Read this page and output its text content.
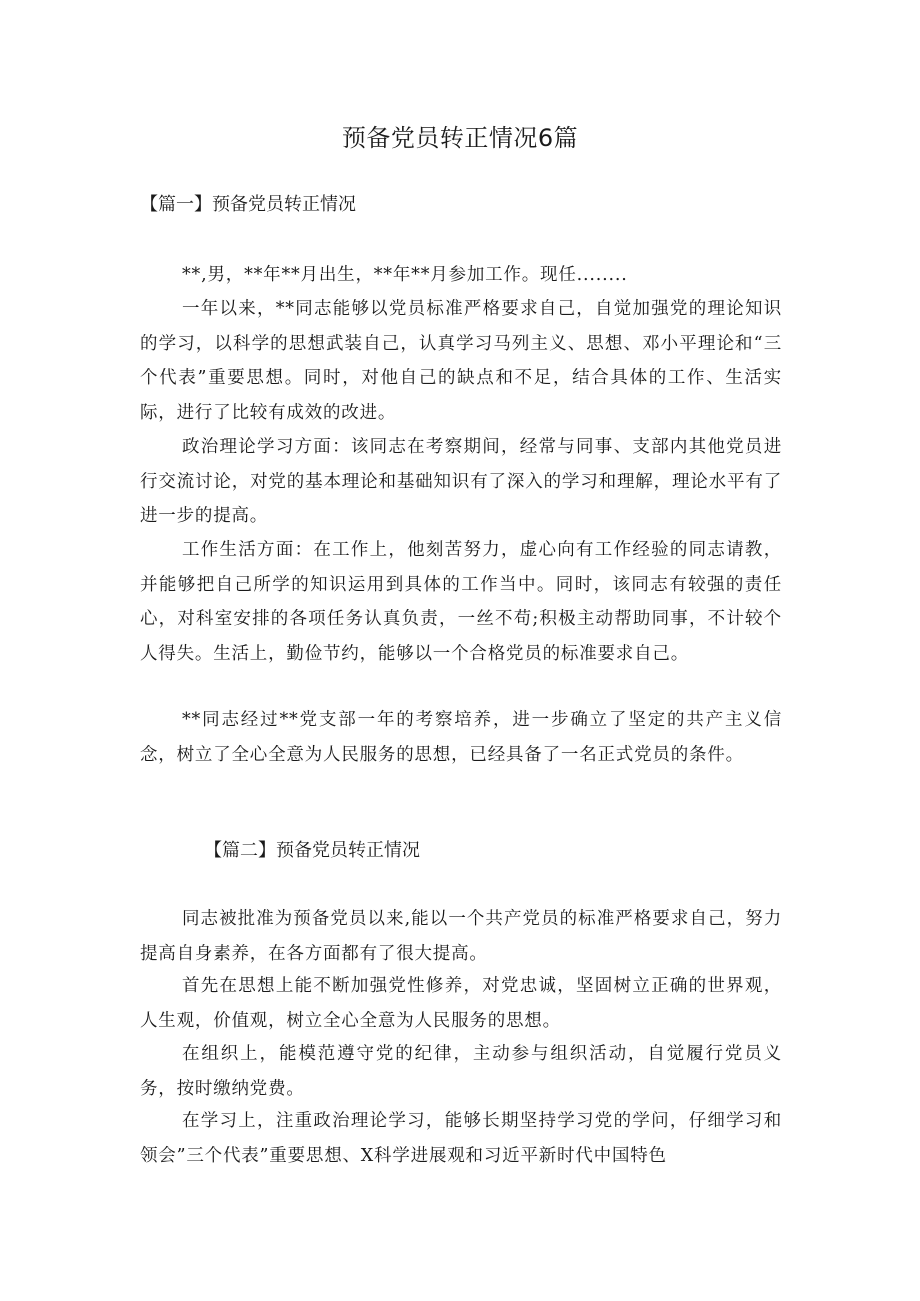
预备党员转正情况6篇
【篇一】预备党员转正情况

**,男，**年**月出生，**年**月参加工作。现任........

一年以来，**同志能够以党员标准严格要求自己，自觉加强党的理论知识的学习，以科学的思想武装自己，认真学习马列主义、思想、邓小平理论和“三个代表”重要思想。同时，对他自己的缺点和不足，结合具体的工作、生活实际，进行了比较有成效的改进。

政治理论学习方面：该同志在考察期间，经常与同事、支部内其他党员进行交流讨论，对党的基本理论和基础知识有了深入的学习和理解，理论水平有了进一步的提高。

工作生活方面：在工作上，他刻苦努力，虚心向有工作经验的同志请教，并能够把自己所学的知识运用到具体的工作当中。同时，该同志有较强的责任心，对科室安排的各项任务认真负责，一丝不苟;积极主动帮助同事，不计较个人得失。生活上，勤俭节约，能够以一个合格党员的标准要求自己。

**同志经过**党支部一年的考察培养，进一步确立了坚定的共产主义信念，树立了全心全意为人民服务的思想，已经具备了一名正式党员的条件。

【篇二】预备党员转正情况

同志被批准为预备党员以来,能以一个共产党员的标准严格要求自己，努力提高自身素养，在各方面都有了很大提高。

首先在思想上能不断加强党性修养，对党忠诚，坚固树立正确的世界观，人生观，价值观，树立全心全意为人民服务的思想。

在组织上，能模范遵守党的纪律，主动参与组织活动，自觉履行党员义务，按时缴纳党费。

在学习上，注重政治理论学习，能够长期坚持学习党的学问，仔细学习和领会”三个代表”重要思想、X科学进展观和习近平新时代中国特色
